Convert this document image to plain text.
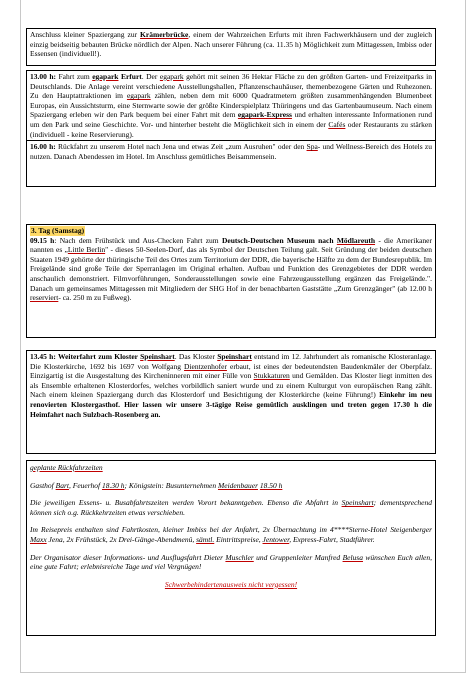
Anschluss kleiner Spaziergang zur Krämerbrücke, einem der Wahrzeichen Erfurts mit ihren Fachwerkhäusern und der zugleich einzig beidseitig bebauten Brücke nördlich der Alpen. Nach unserer Führung (ca. 11.35 h) Möglichkeit zum Mittagessen, Imbiss oder Essensen (individuell!).

13.00 h: Fahrt zum egapark Erfurt. Der egapark gehört mit seinen 36 Hektar Fläche zu den größten Garten- und Freizeitparks in Deutschlands. Die Anlage vereint verschiedene Ausstellungshallen, Pflanzenschauhäuser, themenbezogene Gärten und Ruhezonen. Zu den Hauptattraktionen im egapark zählen, neben dem mit 6000 Quadratmetern größten zusammenhängenden Blumenbeet Europas, ein Aussichtsturm, eine Sternwarte sowie der größte Kinderspielplatz Thüringens und das Gartenbaumuseum. Nach einem Spaziergang erleben wir den Park bequem bei einer Fahrt mit dem egapark-Express und erhalten interessante Informationen rund um den Park und seine Geschichte. Vor- und hinterher besteht die Möglichkeit sich in einem der Cafés oder Restaurants zu stärken (individuell - keine Reservierung).

16.00 h: Rückfahrt zu unserem Hotel nach Jena und etwas Zeit „zum Ausruhen" oder den Spa- und Wellness-Bereich des Hotels zu nutzen. Danach Abendessen im Hotel. Im Anschluss gemütliches Beisammensein.

3. Tag (Samstag)

09.15 h: Nach dem Frühstück und Aus-Checken Fahrt zum Deutsch-Deutschen Museum nach Mödlareuth - die Amerikaner nannten es „Little Berlin" - dieses 50-Seelen-Dorf, das als Symbol der Deutschen Teilung galt. Seit Gründung der beiden deutschen Staaten 1949 gehörte der thüringische Teil des Ortes zum Territorium der DDR, die bayerische Hälfte zu dem der Bundesrepublik. Im Freigelände sind große Teile der Sperranlagen im Original erhalten. Aufbau und Funktion des Grenzgebietes der DDR werden anschaulich demonstriert. Filmvorführungen, Sonderausstellungen sowie eine Fahrzeugausstellung ergänzen das Freigelände.". Danach um gemeinsames Mittagessen mit Mitgliedern der SHG Hof in der benachbarten Gaststätte „Zum Grenzgänger" (ab 12.00 h reserviert- ca. 250 m zu Fußweg).

13.45 h: Weiterfahrt zum Kloster Speinshart. Das Kloster Speinshart entstand im 12. Jahrhundert als romanische Klosteranlage. Die Klosterkirche, 1692 bis 1697 von Wolfgang Dientzenhofer erbaut, ist eines der bedeutendsten Baudenkmäler der Oberpfalz. Einzigartig ist die Ausgestaltung des Kircheninneren mit einer Fülle von Stukkaturen und Gemälden. Das Kloster liegt inmitten des als Ensemble erhaltenen Klosterdorfes, welches vorbildlich saniert wurde und zu einem Kulturgut von europäischen Rang zählt. Nach einem kleinen Spaziergang durch das Klosterdorf und Besichtigung der Klosterkirche (keine Führung!) Einkehr im neu renovierten Klostergasthof. Hier lassen wir unsere 3-tägige Reise gemütlich ausklingen und treten gegen 17.30 h die Heimfahrt nach Sulzbach-Rosenberg an.

geplante Rückfahrzeiten

Gasthof Bart, Feuerhof 18.30 h; Königstein: Busunternehmen Meidenbauer 18.50 h

Die jeweiligen Essens- u. Busabfahrtszeiten werden Vorort bekanntgeben. Ebenso die Abfahrt in Speinshart; dementsprechend können sich o.g. Rückkehrzeiten etwas verschieben.

Im Reisepreis enthalten sind Fahrtkosten, kleiner Imbiss bei der Anfahrt, 2x Übernachtung im 4****Sterne-Hotel Steigenberger Maxx Jena, 2x Frühstück, 2x Drei-Gänge-Abendmenü, sämtl. Eintrittspreise, Jentower, Express-Fahrt, Stadtführer.

Der Organisator dieser Informations- und Ausflugsfahrt Dieter Muschler und Gruppenleiter Manfred Belusa wünschen Euch allen, eine gute Fahrt; erlebnisreiche Tage und viel Vergnügen!

Schwerbehindertenausweis nicht vergessen!
